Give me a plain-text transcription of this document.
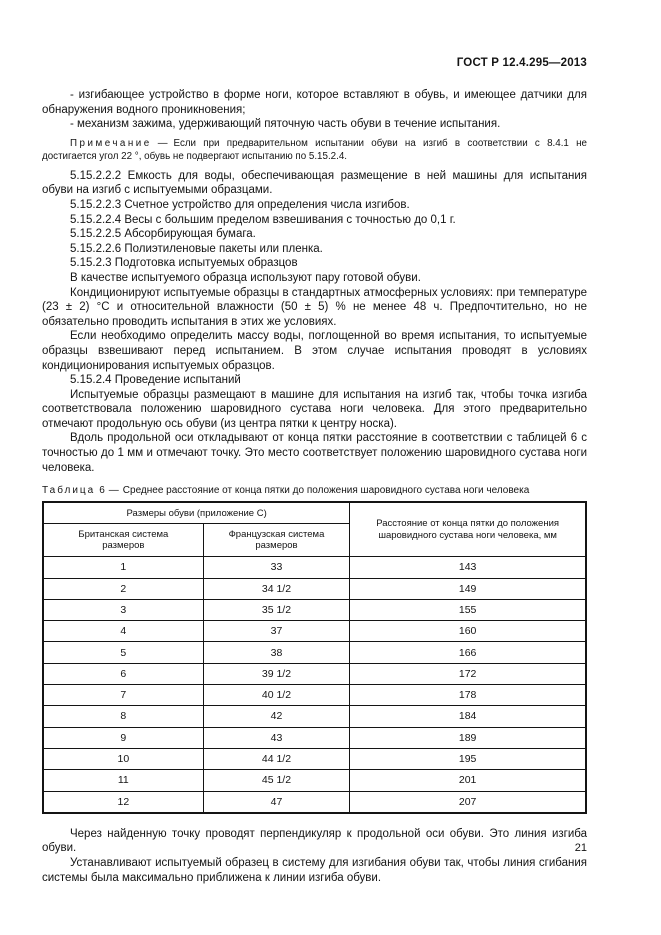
ГОСТ Р 12.4.295—2013

- изгибающее устройство в форме ноги, которое вставляют в обувь, и имеющее датчики для обнаружения водного проникновения;

- механизм зажима, удерживающий пяточную часть обуви в течение испытания.

Примечание — Если при предварительном испытании обуви на изгиб в соответствии с 8.4.1 не достигается угол 22 °, обувь не подвергают испытанию по 5.15.2.4.

5.15.2.2.2 Емкость для воды, обеспечивающая размещение в ней машины для испытания обуви на изгиб с испытуемыми образцами.

5.15.2.2.3 Счетное устройство для определения числа изгибов.

5.15.2.2.4 Весы с большим пределом взвешивания с точностью до 0,1 г.

5.15.2.2.5 Абсорбирующая бумага.

5.15.2.2.6 Полиэтиленовые пакеты или пленка.

5.15.2.3 Подготовка испытуемых образцов

В качестве испытуемого образца используют пару готовой обуви.

Кондиционируют испытуемые образцы в стандартных атмосферных условиях: при температуре (23 ± 2) °С и относительной влажности (50 ± 5) % не менее 48 ч. Предпочтительно, но не обязательно проводить испытания в этих же условиях.

Если необходимо определить массу воды, поглощенной во время испытания, то испытуемые образцы взвешивают перед испытанием. В этом случае испытания проводят в условиях кондиционирования испытуемых образцов.

5.15.2.4 Проведение испытаний

Испытуемые образцы размещают в машине для испытания на изгиб так, чтобы точка изгиба соответствовала положению шаровидного сустава ноги человека. Для этого предварительно отмечают продольную ось обуви (из центра пятки к центру носка).

Вдоль продольной оси откладывают от конца пятки расстояние в соответствии с таблицей 6 с точностью до 1 мм и отмечают точку. Это место соответствует положению шаровидного сустава ноги человека.

Таблица 6 — Среднее расстояние от конца пятки до положения шаровидного сустава ноги человека
Размеры обуви (приложение С)		Расстояние от конца пятки до положения шаровидного сустава ноги человека, мм
Британская система размеров	Французская система размеров	
1	33	143
2	34 1/2	149
3	35 1/2	155
4	37	160
5	38	166
6	39 1/2	172
7	40 1/2	178
8	42	184
9	43	189
10	44 1/2	195
11	45 1/2	201
12	47	207

Через найденную точку проводят перпендикуляр к продольной оси обуви. Это линия изгиба обуви.

Устанавливают испытуемый образец в систему для изгибания обуви так, чтобы линия сгибания системы была максимально приближена к линии изгиба обуви.

21
